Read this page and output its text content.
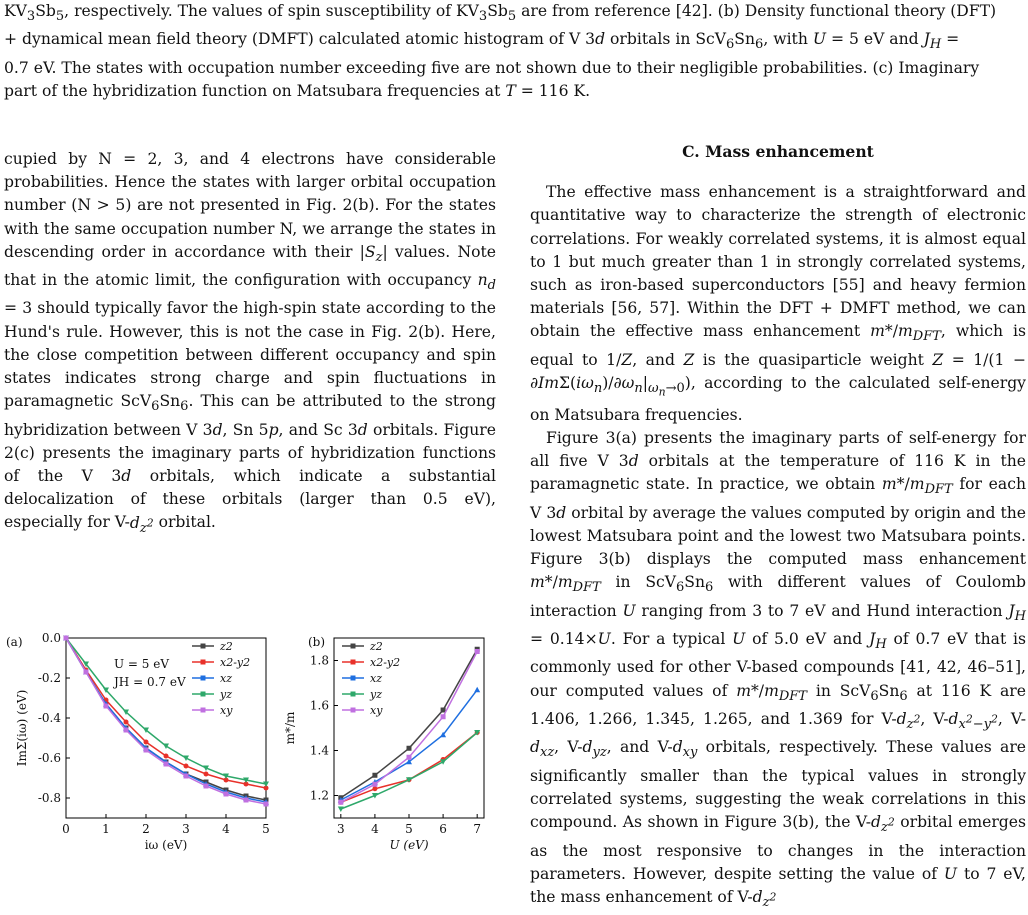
$KV_3Sb_5$, respectively. The values of spin susceptibility of $KV_3Sb_5$ are from reference [42]. (b) Density functional theory (DFT)
+ dynamical mean field theory (DMFT) calculated atomic histogram of V 3d orbitals in $ScV_6Sn_6$, with U = 5 eV and $J_H$ =
0.7 eV. The states with occupation number exceeding five are not shown due to their negligible probabilities. (c) Imaginary
part of the hybridization function on Matsubara frequencies at T = 116 K.

cupied by N = 2, 3, and 4 electrons have considerable probabilities. Hence the states with larger orbital occupation number (N > 5) are not presented in Fig. 2(b). For the states with the same occupation number N, we arrange the states in descending order in accordance with their $|S_z|$ values. Note that in the atomic limit, the configuration with occupancy $n_d = 3$ should typically favor the high-spin state according to the Hund's rule. However, this is not the case in Fig. 2(b). Here, the close competition between different occupancy and spin states indicates strong charge and spin fluctuations in paramagnetic $ScV_6Sn_6$. This can be attributed to the strong hybridization between V 3d, Sn 5p, and Sc 3d orbitals. Figure 2(c) presents the imaginary parts of hybridization functions of the V 3d orbitals, which indicate a substantial delocalization of these orbitals (larger than 0.5 eV), especially for $V-d_{z^2}$ orbital.

C. Mass enhancement

The effective mass enhancement is a straightforward and quantitative way to characterize the strength of electronic correlations. For weakly correlated systems, it is almost equal to 1 but much greater than 1 in strongly correlated systems, such as iron-based superconductors [55] and heavy fermion materials [56, 57]. Within the DFT + DMFT method, we can obtain the effective mass enhancement $m*/m_{DFT}$, which is equal to 1/Z, and Z is the quasiparticle weight $Z = 1/(1 - \partial Im\Sigma(i\omega_n)/\partial\omega_n|_{\omega_n\to 0})$, according to the calculated self-energy on Matsubara frequencies.

Figure 3(a) presents the imaginary parts of self-energy for all five V 3d orbitals at the temperature of 116 K in the paramagnetic state. In practice, we obtain $m*/m_{DFT}$ for each V 3d orbital by average the values computed by origin and the lowest Matsubara point and the lowest two Matsubara points. Figure 3(b) displays the computed mass enhancement $m*/m_{DFT}$ in $ScV_6Sn_6$ with different values of Coulomb interaction U ranging from 3 to 7 eV and Hund interaction $J_H = 0.14\times U$. For a typical U of 5.0 eV and $J_H$ of 0.7 eV that is commonly used for other V-based compounds [41, 42, 46–51], our computed values of $m*/m_{DFT}$ in $ScV_6Sn_6$ at 116 K are 1.406, 1.266, 1.345, 1.265, and 1.369 for $V-d_{z^2}$, $V-d_{x^2-y^2}$, $V-d_{xz}$, $V-d_{yz}$, and $V-d_{xy}$ orbitals, respectively. These values are significantly smaller than the typical values in strongly correlated systems, suggesting the weak correlations in this compound. As shown in Figure 3(b), the $V-d_{z^2}$ orbital emerges as the most responsive to changes in the interaction parameters. However, despite setting the value of U to 7 eV, the mass enhancement of $V-d_{z^2}$

0	1	2	3	4	5
0.0
-0.2
-0.4
-0.6
-0.8
iω (eV)
ImΣ(iω) (eV)
(a)	z2
x2-y2
xz
yz
xy
U = 5 eV
JH = 0.7 eV
3 4 5 6 7
1.2
1.4
1.6
1.8
U (eV)
m*/m
(b)	z2
x2-y2
xz
yz
xy
